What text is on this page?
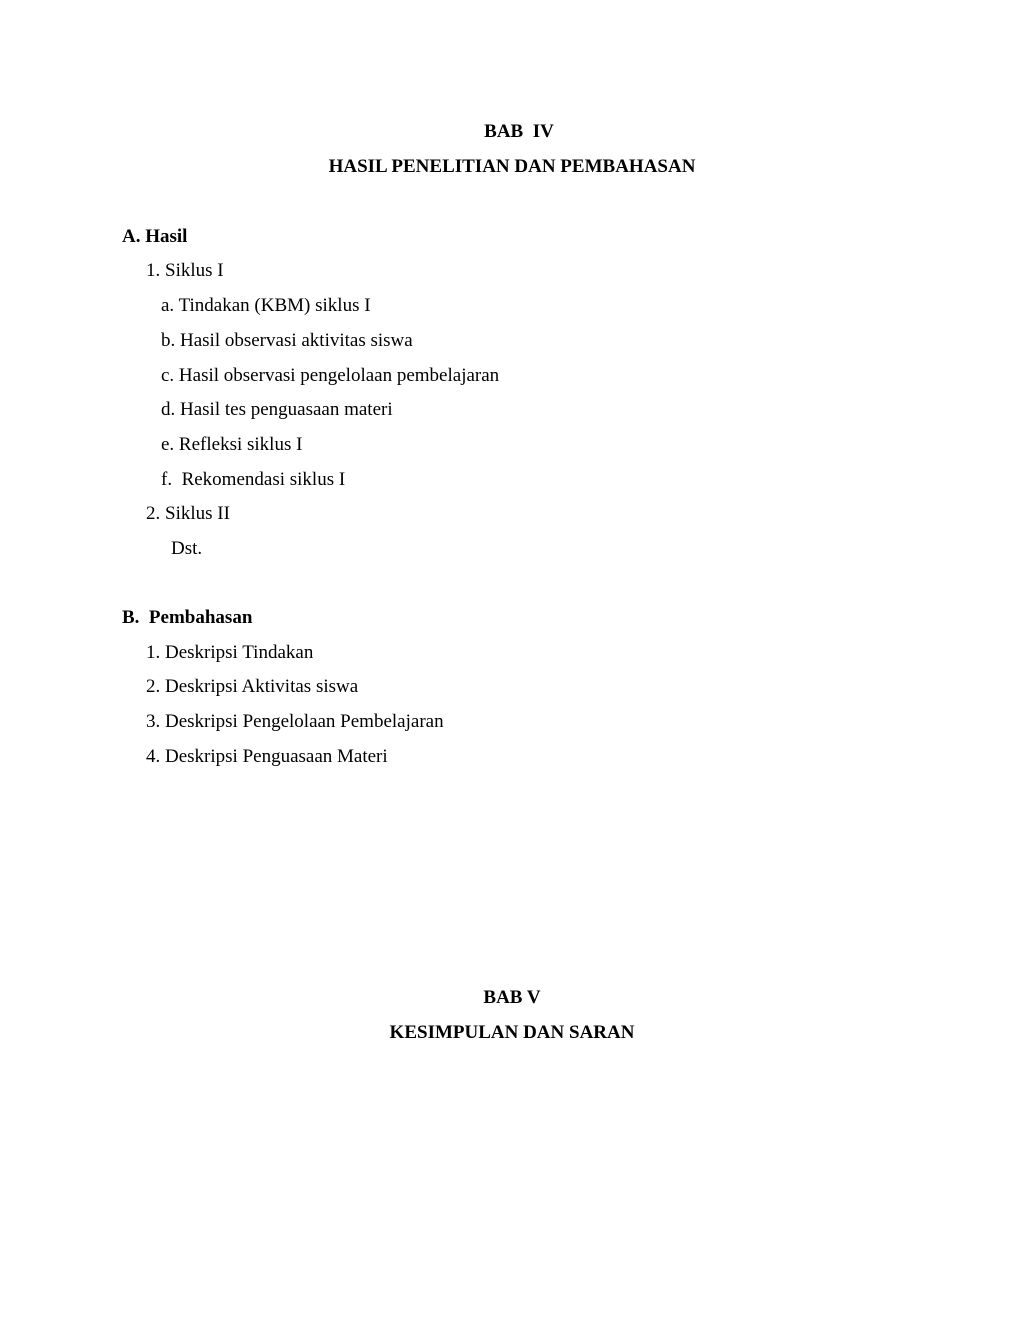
BAB  IV
HASIL PENELITIAN DAN PEMBAHASAN
A. Hasil
1. Siklus I
a. Tindakan (KBM) siklus I
b. Hasil observasi aktivitas siswa
c. Hasil observasi pengelolaan pembelajaran
d. Hasil tes penguasaan materi
e. Refleksi siklus I
f.  Rekomendasi siklus I
2. Siklus II
Dst.
B.  Pembahasan
1. Deskripsi Tindakan
2. Deskripsi Aktivitas siswa
3. Deskripsi Pengelolaan Pembelajaran
4. Deskripsi Penguasaan Materi
BAB V
KESIMPULAN DAN SARAN
